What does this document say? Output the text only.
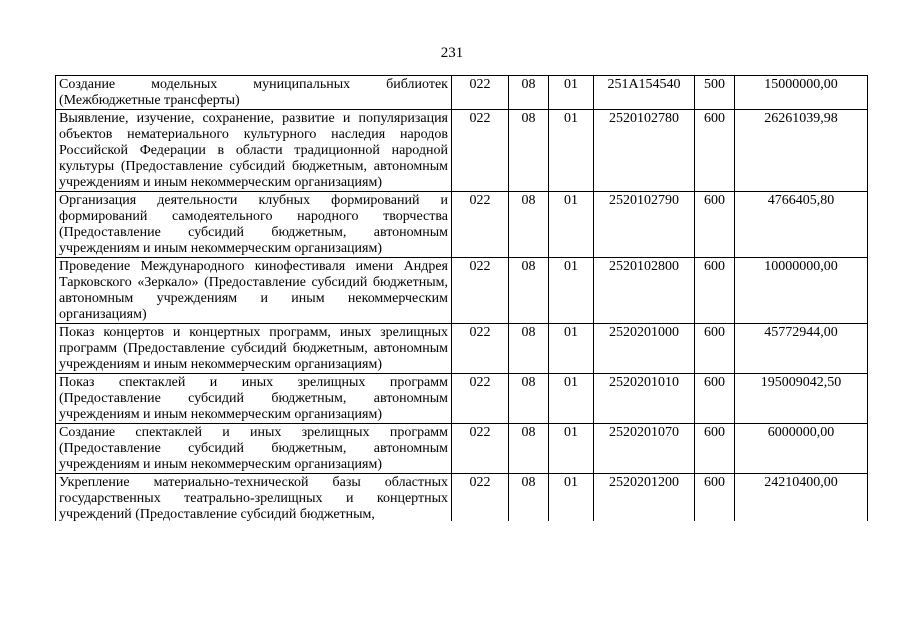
231
Создание модельных муниципальных библиотек (Межбюджетные трансферты)	022	08	01	251A154540	500	15000000,00
Выявление, изучение, сохранение, развитие и популяризация объектов нематериального культурного наследия народов Российской Федерации в области традиционной народной культуры (Предоставление субсидий бюджетным, автономным учреждениям и иным некоммерческим организациям)	022	08	01	2520102780	600	26261039,98
Организация деятельности клубных формирований и формирований самодеятельного народного творчества (Предоставление субсидий бюджетным, автономным учреждениям и иным некоммерческим организациям)	022	08	01	2520102790	600	4766405,80
Проведение Международного кинофестиваля имени Андрея Тарковского «Зеркало» (Предоставление субсидий бюджетным, автономным учреждениям и иным некоммерческим организациям)	022	08	01	2520102800	600	10000000,00
Показ концертов и концертных программ, иных зрелищных программ (Предоставление субсидий бюджетным, автономным учреждениям и иным некоммерческим организациям)	022	08	01	2520201000	600	45772944,00
Показ спектаклей и иных зрелищных программ (Предоставление субсидий бюджетным, автономным учреждениям и иным некоммерческим организациям)	022	08	01	2520201010	600	195009042,50
Создание спектаклей и иных зрелищных программ (Предоставление субсидий бюджетным, автономным учреждениям и иным некоммерческим организациям)	022	08	01	2520201070	600	6000000,00

Укрепление материально-технической базы областных государственных театрально-зрелищных и концертных учреждений (Предоставление субсидий бюджетным,	022	08	01	2520201200	600	24210400,00
